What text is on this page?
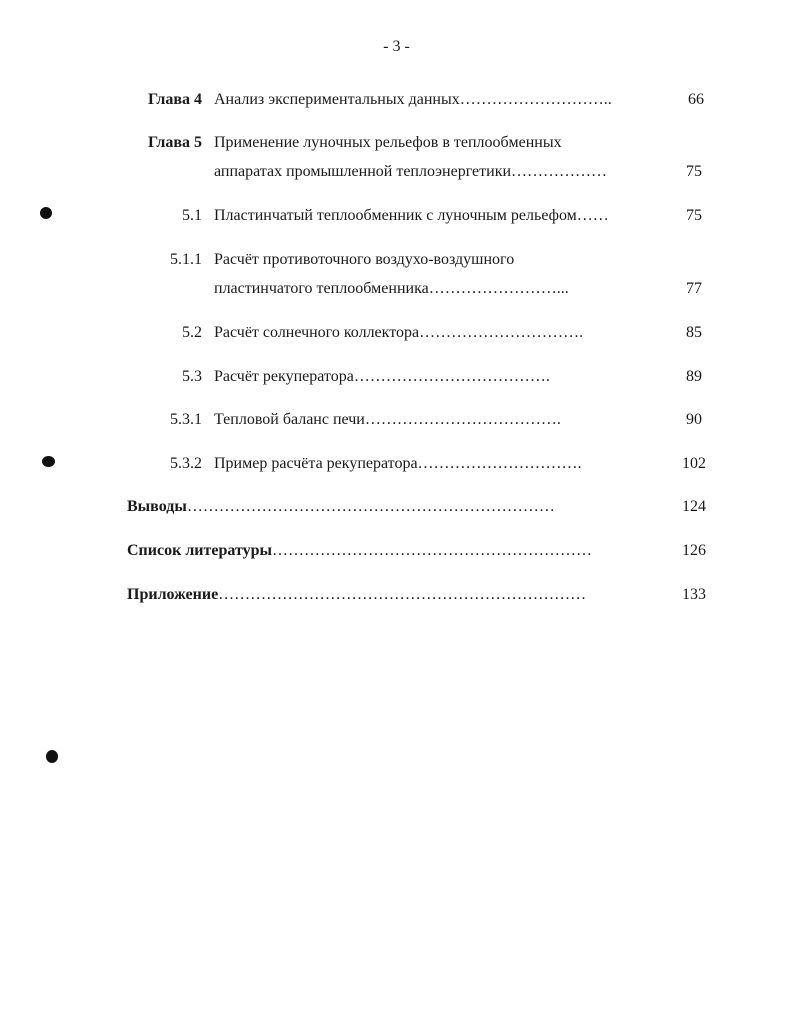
- 3 -
Глава 4 Анализ экспериментальных данных………………………..	66
Глава 5 Применение луночных рельефов в теплообменных
аппаратах промышленной теплоэнергетики………………	75
5.1 Пластинчатый теплообменник с луночным рельефом……	75
5.1.1 Расчёт противоточного воздухо-воздушного
пластинчатого теплообменника……………………...	77
5.2 Расчёт солнечного коллектора………………………….	85
5.3 Расчёт рекуператора……………………………….	89
5.3.1 Тепловой баланс печи……………………………….	90
5.3.2 Пример расчёта рекуператора………………………….	102
Выводы……………………………………………………………	124
Список литературы……………………………………………………	126
Приложение……………………………………………………………	133
